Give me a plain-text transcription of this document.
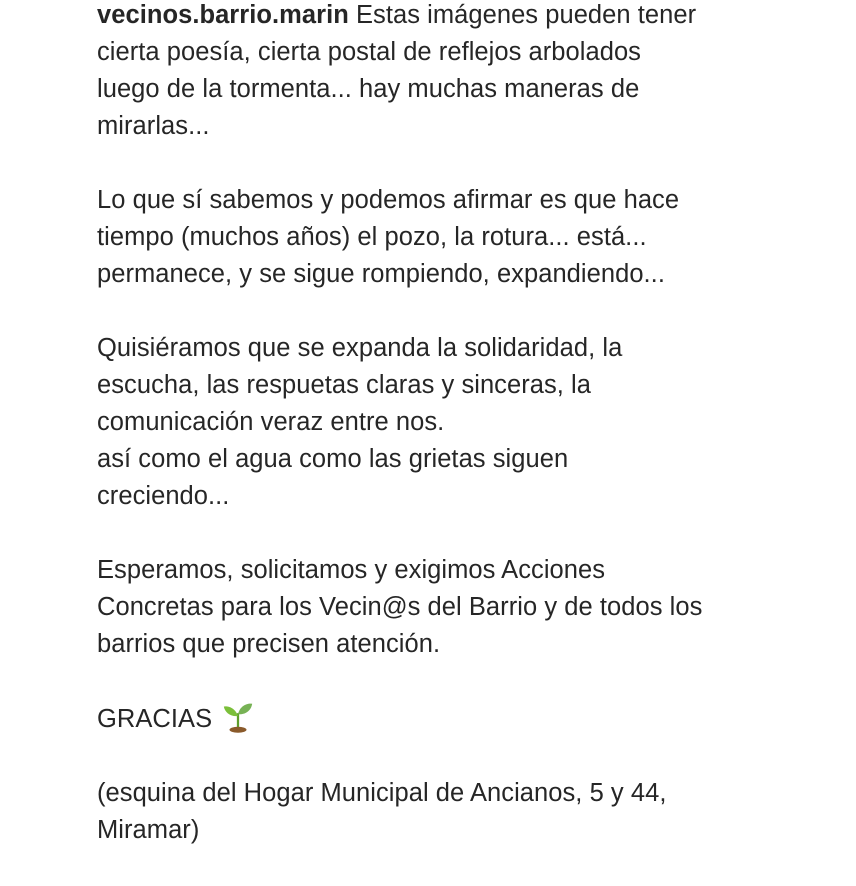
vecinos.barrio.marin Estas imágenes pueden tener
cierta poesía, cierta postal de reflejos arbolados
luego de la tormenta... hay muchas maneras de
mirarlas...
Lo que sí sabemos y podemos afirmar es que hace
tiempo (muchos años) el pozo, la rotura... está...
permanece, y se sigue rompiendo, expandiendo...
Quisiéramos que se expanda la solidaridad, la
escucha, las respuetas claras y sinceras, la
comunicación veraz entre nos.
así como el agua como las grietas siguen
creciendo...
Esperamos, solicitamos y exigimos Acciones
Concretas para los Vecin@s del Barrio y de todos los
barrios que precisen atención.
GRACIAS
(esquina del Hogar Municipal de Ancianos, 5 y 44,
Miramar)
